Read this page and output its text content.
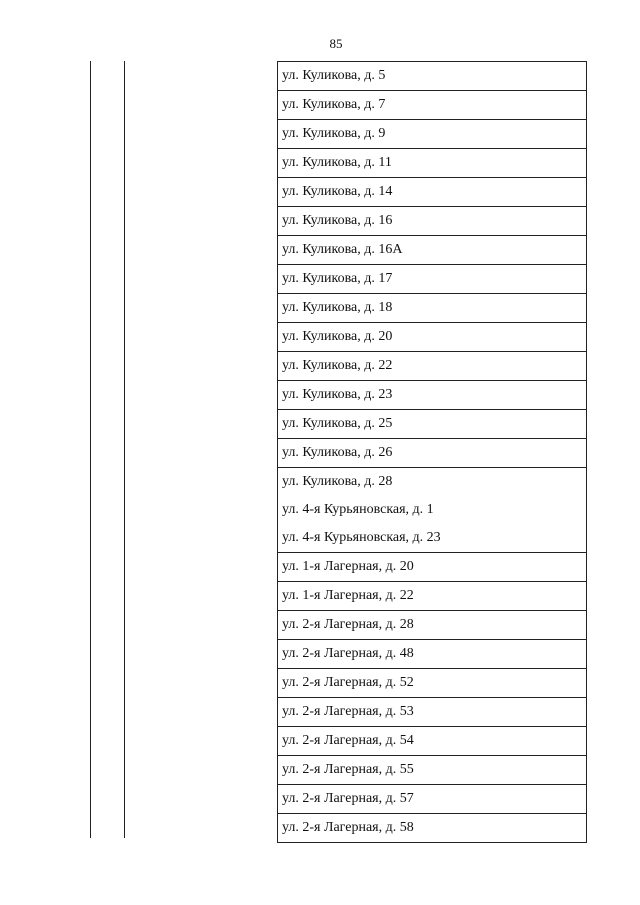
85
ул. Куликова, д. 5
ул. Куликова, д. 7
ул. Куликова, д. 9
ул. Куликова, д. 11
ул. Куликова, д. 14
ул. Куликова, д. 16
ул. Куликова, д. 16А
ул. Куликова, д. 17
ул. Куликова, д. 18
ул. Куликова, д. 20
ул. Куликова, д. 22
ул. Куликова, д. 23
ул. Куликова, д. 25
ул. Куликова, д. 26
ул. Куликова, д. 28
ул. 4-я Курьяновская, д. 1
ул. 4-я Курьяновская, д. 23
ул. 1-я Лагерная, д. 20
ул. 1-я Лагерная, д. 22
ул. 2-я Лагерная, д. 28
ул. 2-я Лагерная, д. 48
ул. 2-я Лагерная, д. 52
ул. 2-я Лагерная, д. 53
ул. 2-я Лагерная, д. 54
ул. 2-я Лагерная, д. 55
ул. 2-я Лагерная, д. 57
ул. 2-я Лагерная, д. 58
